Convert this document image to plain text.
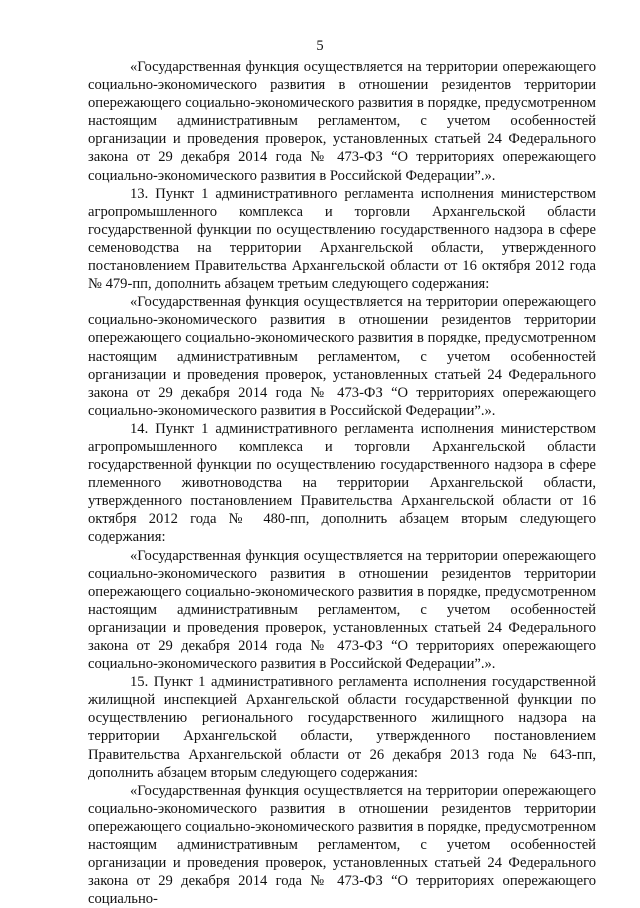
5

«Государственная функция осуществляется на территории опережающего социально-экономического развития в отношении резидентов территории опережающего социально-экономического развития в порядке, предусмотренном настоящим административным регламентом, с учетом особенностей организации и проведения проверок, установленных статьей 24 Федерального закона от 29 декабря 2014 года № 473-ФЗ “О территориях опережающего социально-экономического развития в Российской Федерации”.».

13. Пункт 1 административного регламента исполнения министерством агропромышленного комплекса и торговли Архангельской области государственной функции по осуществлению государственного надзора в сфере семеноводства на территории Архангельской области, утвержденного постановлением Правительства Архангельской области от 16 октября 2012 года № 479-пп, дополнить абзацем третьим следующего содержания:

«Государственная функция осуществляется на территории опережающего социально-экономического развития в отношении резидентов территории опережающего социально-экономического развития в порядке, предусмотренном настоящим административным регламентом, с учетом особенностей организации и проведения проверок, установленных статьей 24 Федерального закона от 29 декабря 2014 года № 473-ФЗ “О территориях опережающего социально-экономического развития в Российской Федерации”.».

14. Пункт 1 административного регламента исполнения министерством агропромышленного комплекса и торговли Архангельской области государственной функции по осуществлению государственного надзора в сфере племенного животноводства на территории Архангельской области, утвержденного постановлением Правительства Архангельской области от 16 октября 2012 года № 480-пп, дополнить абзацем вторым следующего содержания:

«Государственная функция осуществляется на территории опережающего социально-экономического развития в отношении резидентов территории опережающего социально-экономического развития в порядке, предусмотренном настоящим административным регламентом, с учетом особенностей организации и проведения проверок, установленных статьей 24 Федерального закона от 29 декабря 2014 года № 473-ФЗ “О территориях опережающего социально-экономического развития в Российской Федерации”.».

15. Пункт 1 административного регламента исполнения государственной жилищной инспекцией Архангельской области государственной функции по осуществлению регионального государственного жилищного надзора на территории Архангельской области, утвержденного постановлением Правительства Архангельской области от 26 декабря 2013 года № 643-пп, дополнить абзацем вторым следующего содержания:

«Государственная функция осуществляется на территории опережающего социально-экономического развития в отношении резидентов территории опережающего социально-экономического развития в порядке, предусмотренном настоящим административным регламентом, с учетом особенностей организации и проведения проверок, установленных статьей 24 Федерального закона от 29 декабря 2014 года № 473-ФЗ “О территориях опережающего социально-
